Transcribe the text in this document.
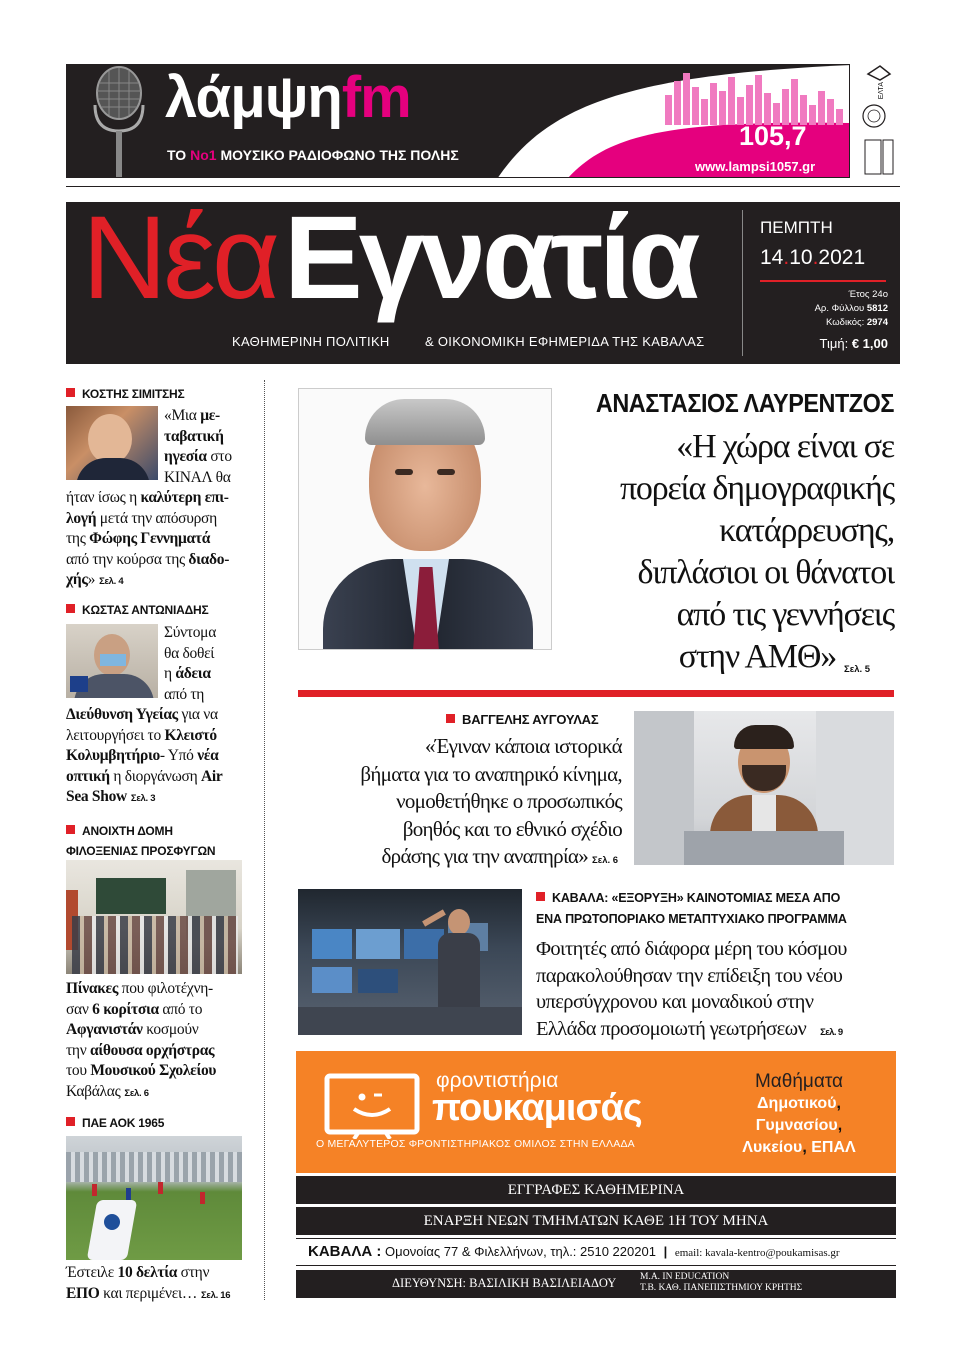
λάμψηfm
ΤΟ No1 ΜΟΥΣΙΚΟ ΡΑΔΙΟΦΩΝΟ ΤΗΣ ΠΟΛΗΣ
105,7
www.lampsi1057.gr
ΕΛΤΑ
Νέα Εγνατία
ΚΑΘΗΜΕΡΙΝΗ ΠΟΛΙΤΙΚΗ	& ΟΙΚΟΝΟΜΙΚΗ ΕΦΗΜΕΡΙΔΑ ΤΗΣ ΚΑΒΑΛΑΣ
ΠΕΜΠΤΗ
14.10.2021
Έτος 24ο
Αρ. Φύλλου 5812
Κωδικός: 2974
Τιμή: € 1,00
ΚΟΣΤΗΣ ΣΙΜΙΤΣΗΣ
«Μια με-
ταβατική
ηγεσία στο
ΚΙΝΑΛ θα
ήταν ίσως η καλύτερη επι-
λογή μετά την απόσυρση
της Φώφης Γεννηματά
από την κούρσα της διαδο-
χής» Σελ. 4
ΚΩΣΤΑΣ ΑΝΤΩΝΙΑΔΗΣ
Σύντομα
θα δοθεί
η άδεια
από τη
Διεύθυνση Υγείας για να
λειτουργήσει το Κλειστό
Κολυμβητήριο- Υπό νέα
οπτική η διοργάνωση Air
Sea Show Σελ. 3
ΑΝΟΙΧΤΗ ΔΟΜΗ ΦΙΛΟΞΕΝΙΑΣ ΠΡΟΣΦΥΓΩΝ
Πίνακες που φιλοτέχνη-
σαν 6 κορίτσια από το
Αφγανιστάν κοσμούν
την αίθουσα ορχήστρας
του Μουσικού Σχολείου
Καβάλας Σελ. 6
ΠΑΕ ΑΟΚ 1965
Έστειλε 10 δελτία στην
ΕΠΟ και περιμένει… Σελ. 16
ΑΝΑΣΤΑΣΙΟΣ ΛΑΥΡΕΝΤΖΟΣ
«Η χώρα είναι σε
πορεία δημογραφικής
κατάρρευσης,
διπλάσιοι οι θάνατοι
από τις γεννήσεις
στην ΑΜΘ» Σελ. 5
ΒΑΓΓΕΛΗΣ ΑΥΓΟΥΛΑΣ
«Έγιναν κάποια ιστορικά
βήματα για το αναπηρικό κίνημα,
νομοθετήθηκε ο προσωπικός
βοηθός και το εθνικό σχέδιο
δράσης για την αναπηρία» Σελ. 6
ΚΑΒΑΛΑ: «ΕΞΟΡΥΞΗ» ΚΑΙΝΟΤΟΜΙΑΣ ΜΕΣΑ ΑΠΟ
ΕΝΑ ΠΡΩΤΟΠΟΡΙΑΚΟ ΜΕΤΑΠΤΥΧΙΑΚΟ ΠΡΟΓΡΑΜΜΑ
Φοιτητές από διάφορα μέρη του κόσμου
παρακολούθησαν την επίδειξη του νέου
υπερσύγχρονου και μοναδικού στην
Ελλάδα προσομοιωτή γεωτρήσεων Σελ. 9
φροντιστήρια
πουκαμισάς
Ο ΜΕΓΑΛΥΤΕΡΟΣ ΦΡΟΝΤΙΣΤΗΡΙΑΚΟΣ ΟΜΙΛΟΣ ΣΤΗΝ ΕΛΛΑΔΑ
Μαθήματα
Δημοτικού,
Γυμνασίου,
Λυκείου, ΕΠΑΛ
ΕΓΓΡΑΦΕΣ ΚΑΘΗΜΕΡΙΝΑ
ΕΝΑΡΞΗ ΝΕΩΝ ΤΜΗΜΑΤΩΝ ΚΑΘΕ 1Η ΤΟΥ ΜΗΝΑ
ΚΑΒΑΛΑ : Ομονοίας 77 & Φιλελλήνων, τηλ.: 2510 220201 | email: kavala-kentro@poukamisas.gr
ΔΙΕΥΘΥΝΣΗ: ΒΑΣΙΛΙΚΗ ΒΑΣΙΛΕΙΑΔΟΥ M.A. IN EDUCATION
Τ.Β. ΚΑΘ. ΠΑΝΕΠΙΣΤΗΜΙΟΥ ΚΡΗΤΗΣ
